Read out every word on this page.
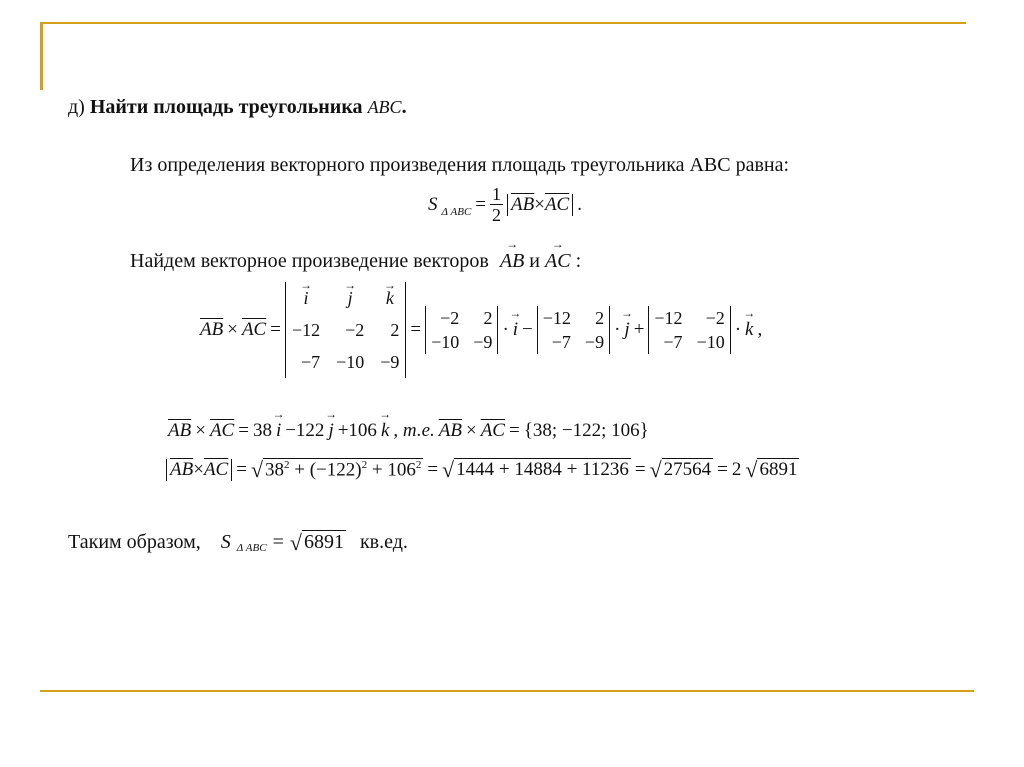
д) Найти площадь треугольника ABC.
Из определения векторного произведения площадь треугольника ABC равна:
S Δ ABC = $\frac{1}{2} \overline{AB}\times\overline{AC}$ .
Найдем векторное произведение векторов → AB и → AC :
$\overline{AB} \times \overline{AC}$ =
→ i → j → k
−12	−2	2
−7 −10 −9
=
−2	2
−10 −9
· → i −
−12	2
−7 −9
· → j +
−12	−2
−7 −10
· → k ,
$\overline{AB} \times \overline{AC} = 38 \to i -122 \to j +106 \to k$ , т.е. $\overline{AB} \times \overline{AC} = \{38$; −122; 106}
$\overline{AB}\times\overline{AC}$ = √ $38^2 + (-122)^2 + 106^2$ = √ 1444 + 14884 + 11236 = √ 27564 = 2 √ 6891
Таким образом, S Δ ABC = √ 6891 кв.ед.
